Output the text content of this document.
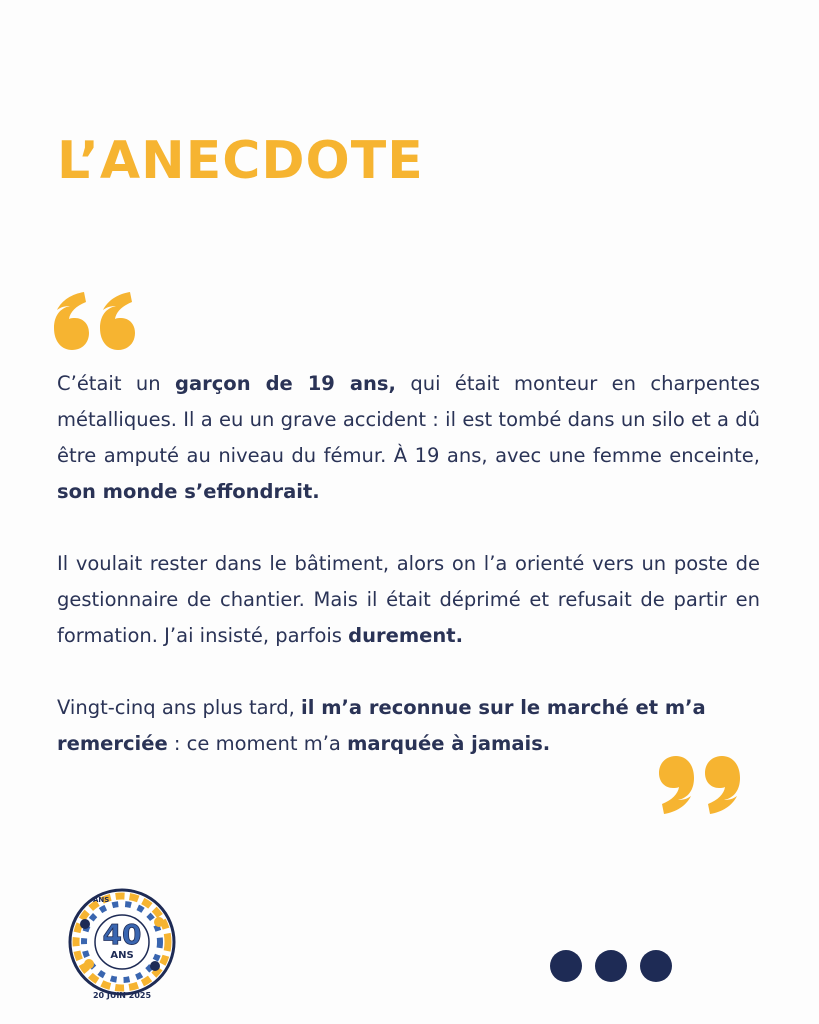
L’ANECDOTE

C’était un garçon de 19 ans, qui était monteur en charpentes métalliques. Il a eu un grave accident : il est tombé dans un silo et a dû être amputé au niveau du fémur. À 19 ans, avec une femme enceinte, son monde s’effondrait.

Il voulait rester dans le bâtiment, alors on l’a orienté vers un poste de gestionnaire de chantier. Mais il était déprimé et refusait de partir en formation. J’ai insisté, parfois durement.

Vingt-cinq ans plus tard, il m’a reconnue sur le marché et m’a remerciée : ce moment m’a marquée à jamais.

ANS
40
ANS
20 JUIN 2025
